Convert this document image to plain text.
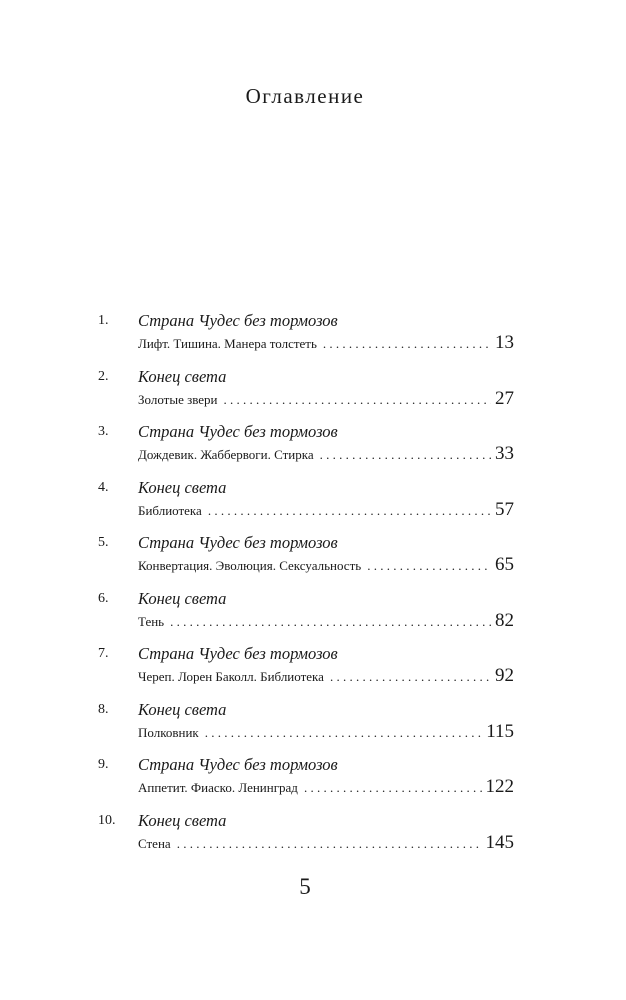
Оглавление
1. Страна Чудес без тормозов
Лифт. Тишина. Манера толстеть . . .	13
2. Конец света
Золотые звери . . .	27
3. Страна Чудес без тормозов
Дождевик. Жаббервоги. Стирка . . .	33
4. Конец света
Библиотека . . .	57
5. Страна Чудес без тормозов
Конвертация. Эволюция. Сексуальность . . .	65
6. Конец света
Тень . . .	82
7. Страна Чудес без тормозов
Череп. Лорен Баколл. Библиотека . . .	92
8. Конец света
Полковник . . .	115
9. Страна Чудес без тормозов
Аппетит. Фиаско. Ленинград . . .	122
10. Конец света
Стена . . .	145
5
